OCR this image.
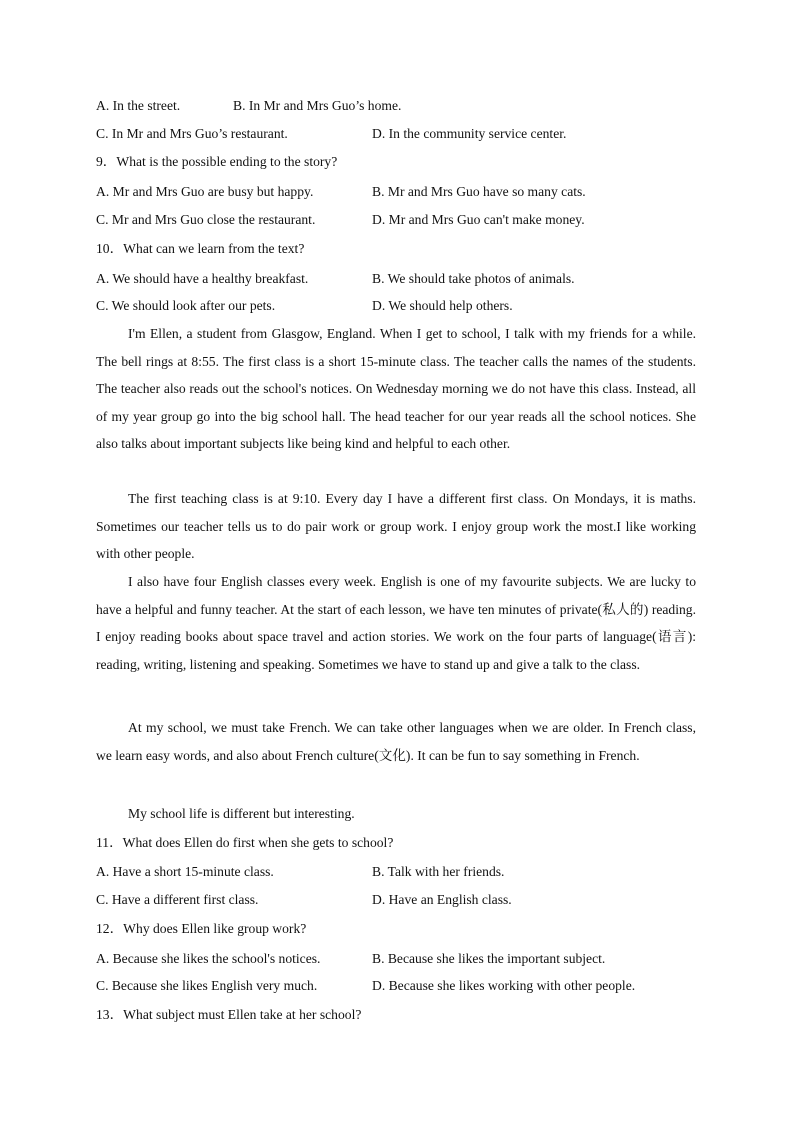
A. In the street.	B. In Mr and Mrs Guo’s home.
C. In Mr and Mrs Guo’s restaurant.	D. In the community service center.
9．What is the possible ending to the story?
A. Mr and Mrs Guo are busy but happy.	B. Mr and Mrs Guo have so many cats.
C. Mr and Mrs Guo close the restaurant.	D. Mr and Mrs Guo can't make money.
10．What can we learn from the text?
A. We should have a healthy breakfast.	B. We should take photos of animals.
C. We should look after our pets.	D. We should help others.
I'm Ellen, a student from Glasgow, England. When I get to school, I talk with my friends for a while. The bell rings at 8:55. The first class is a short 15-minute class. The teacher calls the names of the students. The teacher also reads out the school's notices. On Wednesday morning we do not have this class. Instead, all of my year group go into the big school hall. The head teacher for our year reads all the school notices. She also talks about important subjects like being kind and helpful to each other.
The first teaching class is at 9:10. Every day I have a different first class. On Mondays, it is maths. Sometimes our teacher tells us to do pair work or group work. I enjoy group work the most.I like working with other people.
I also have four English classes every week. English is one of my favourite subjects. We are lucky to have a helpful and funny teacher. At the start of each lesson, we have ten minutes of private(私人的) reading. I enjoy reading books about space travel and action stories. We work on the four parts of language(语言): reading, writing, listening and speaking. Sometimes we have to stand up and give a talk to the class.
At my school, we must take French. We can take other languages when we are older. In French class, we learn easy words, and also about French culture(文化). It can be fun to say something in French.
My school life is different but interesting.
11．What does Ellen do first when she gets to school?
A. Have a short 15-minute class.	B. Talk with her friends.
C. Have a different first class.	D. Have an English class.
12．Why does Ellen like group work?
A. Because she likes the school's notices.	B. Because she likes the important subject.
C. Because she likes English very much.	D. Because she likes working with other people.
13．What subject must Ellen take at her school?
